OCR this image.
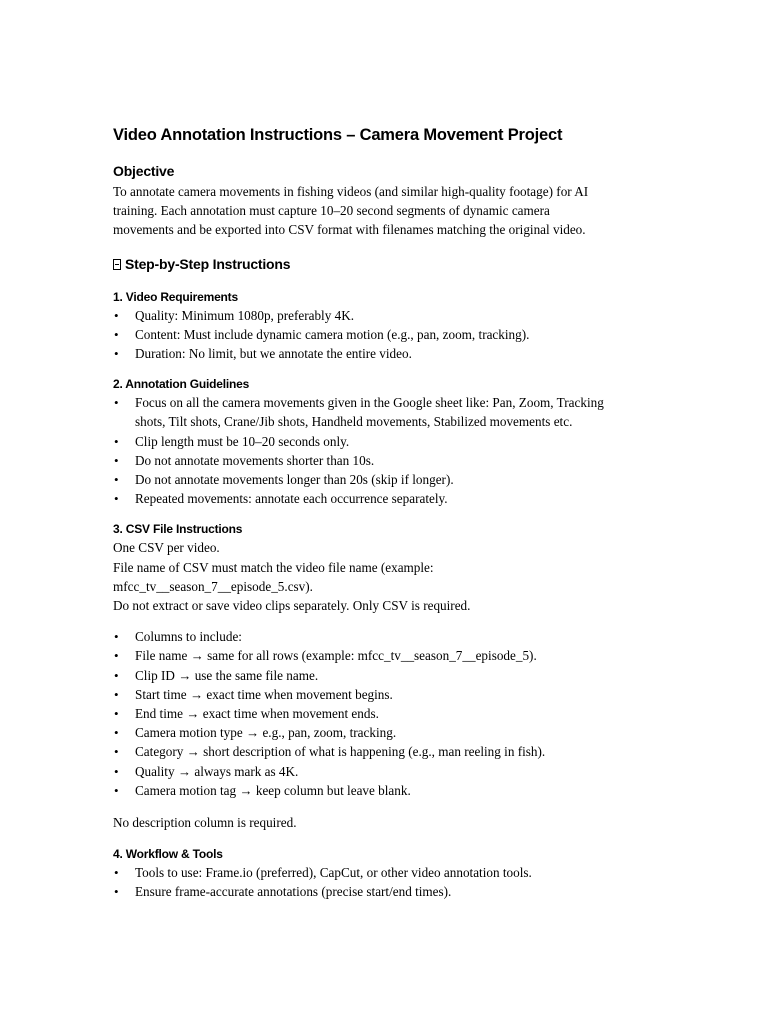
Video Annotation Instructions – Camera Movement Project
Objective

To annotate camera movements in fishing videos (and similar high-quality footage) for AI
training. Each annotation must capture 10–20 second segments of dynamic camera
movements and be exported into CSV format with filenames matching the original video.

Step-by-Step Instructions
1. Video Requirements
•	Quality: Minimum 1080p, preferably 4K.
•	Content: Must include dynamic camera motion (e.g., pan, zoom, tracking).
•	Duration: No limit, but we annotate the entire video.
2. Annotation Guidelines
•	Focus on all the camera movements given in the Google sheet like: Pan, Zoom, Tracking
shots, Tilt shots, Crane/Jib shots, Handheld movements, Stabilized movements etc.
•	Clip length must be 10–20 seconds only.
•	Do not annotate movements shorter than 10s.
•	Do not annotate movements longer than 20s (skip if longer).
•	Repeated movements: annotate each occurrence separately.
3. CSV File Instructions

One CSV per video.
File name of CSV must match the video file name (example:
mfcc_tv__season_7__episode_5.csv).
Do not extract or save video clips separately. Only CSV is required.

•	Columns to include:
•	File name → same for all rows (example: mfcc_tv__season_7__episode_5).
•	Clip ID → use the same file name.
•	Start time → exact time when movement begins.
•	End time → exact time when movement ends.
•	Camera motion type → e.g., pan, zoom, tracking.
•	Category → short description of what is happening (e.g., man reeling in fish).
•	Quality → always mark as 4K.
•	Camera motion tag → keep column but leave blank.

No description column is required.

4. Workflow & Tools
•	Tools to use: Frame.io (preferred), CapCut, or other video annotation tools.
•	Ensure frame-accurate annotations (precise start/end times).
